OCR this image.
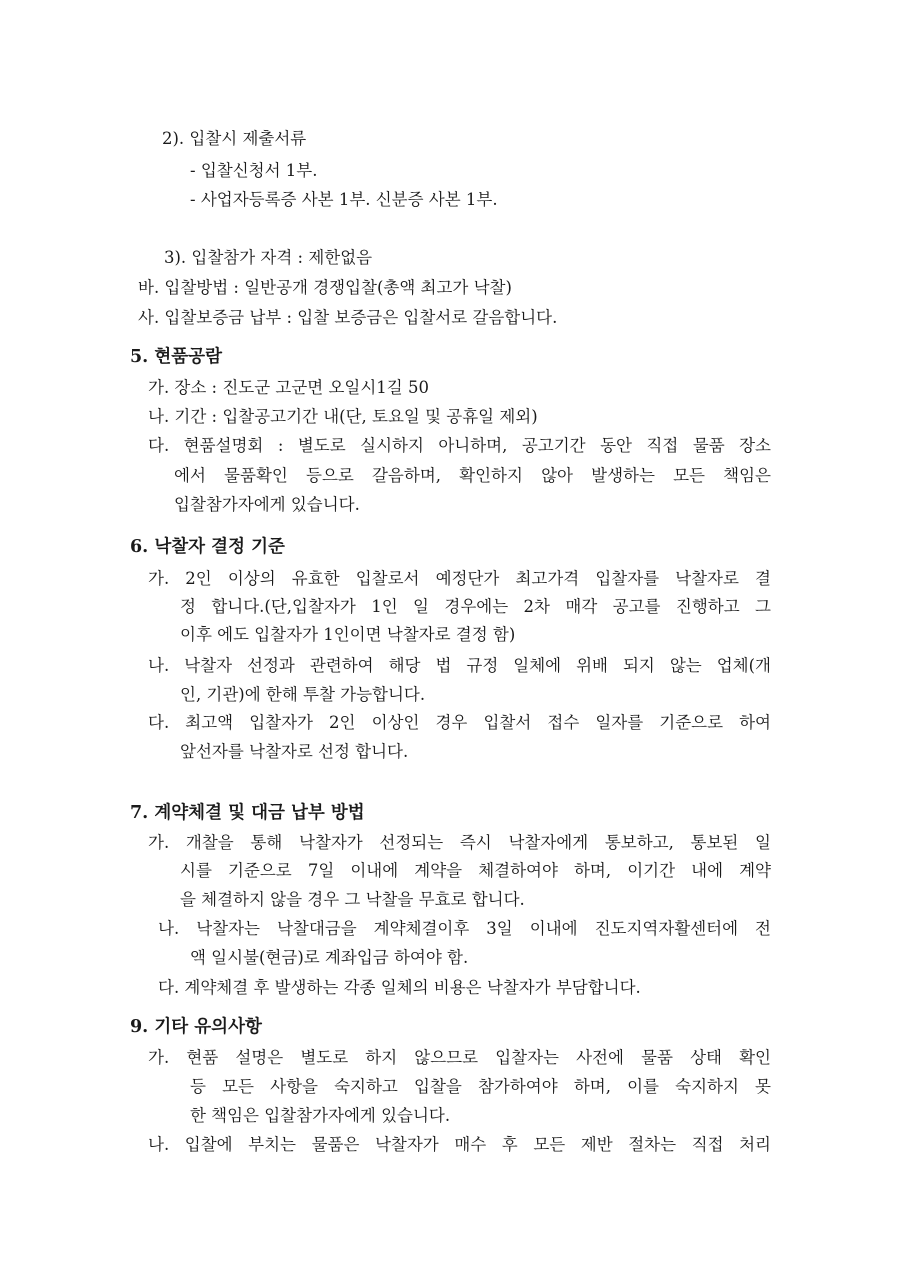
2). 입찰시 제출서류
- 입찰신청서 1부.
- 사업자등록증 사본 1부. 신분증 사본 1부.
3). 입찰참가 자격 : 제한없음
바. 입찰방법 : 일반공개 경쟁입찰(총액 최고가 낙찰)
사. 입찰보증금 납부 : 입찰 보증금은 입찰서로 갈음합니다.
5. 현품공람
가. 장소 : 진도군 고군면 오일시1길 50
나. 기간 : 입찰공고기간 내(단, 토요일 및 공휴일 제외)
다. 현품설명회 : 별도로 실시하지 아니하며, 공고기간 동안 직접 물품 장소
에서 물품확인 등으로 갈음하며, 확인하지 않아 발생하는 모든 책임은
입찰참가자에게 있습니다.
6. 낙찰자 결정 기준
가. 2인 이상의 유효한 입찰로서 예정단가 최고가격 입찰자를 낙찰자로 결
정 합니다.(단,입찰자가 1인 일 경우에는 2차 매각 공고를 진행하고 그
이후 에도 입찰자가 1인이면 낙찰자로 결정 함)
나. 낙찰자 선정과 관련하여 해당 법 규정 일체에 위배 되지 않는 업체(개
인, 기관)에 한해 투찰 가능합니다.
다. 최고액 입찰자가 2인 이상인 경우 입찰서 접수 일자를 기준으로 하여
앞선자를 낙찰자로 선정 합니다.
7. 계약체결 및 대금 납부 방법
가. 개찰을 통해 낙찰자가 선정되는 즉시 낙찰자에게 통보하고, 통보된 일
시를 기준으로 7일 이내에 계약을 체결하여야 하며, 이기간 내에 계약
을 체결하지 않을 경우 그 낙찰을 무효로 합니다.
나. 낙찰자는 낙찰대금을 계약체결이후 3일 이내에 진도지역자활센터에 전
액 일시불(현금)로 계좌입금 하여야 함.
다. 계약체결 후 발생하는 각종 일체의 비용은 낙찰자가 부담합니다.
9. 기타 유의사항
가. 현품 설명은 별도로 하지 않으므로 입찰자는 사전에 물품 상태 확인
등 모든 사항을 숙지하고 입찰을 참가하여야 하며, 이를 숙지하지 못
한 책임은 입찰참가자에게 있습니다.
나. 입찰에 부치는 물품은 낙찰자가 매수 후 모든 제반 절차는 직접 처리
